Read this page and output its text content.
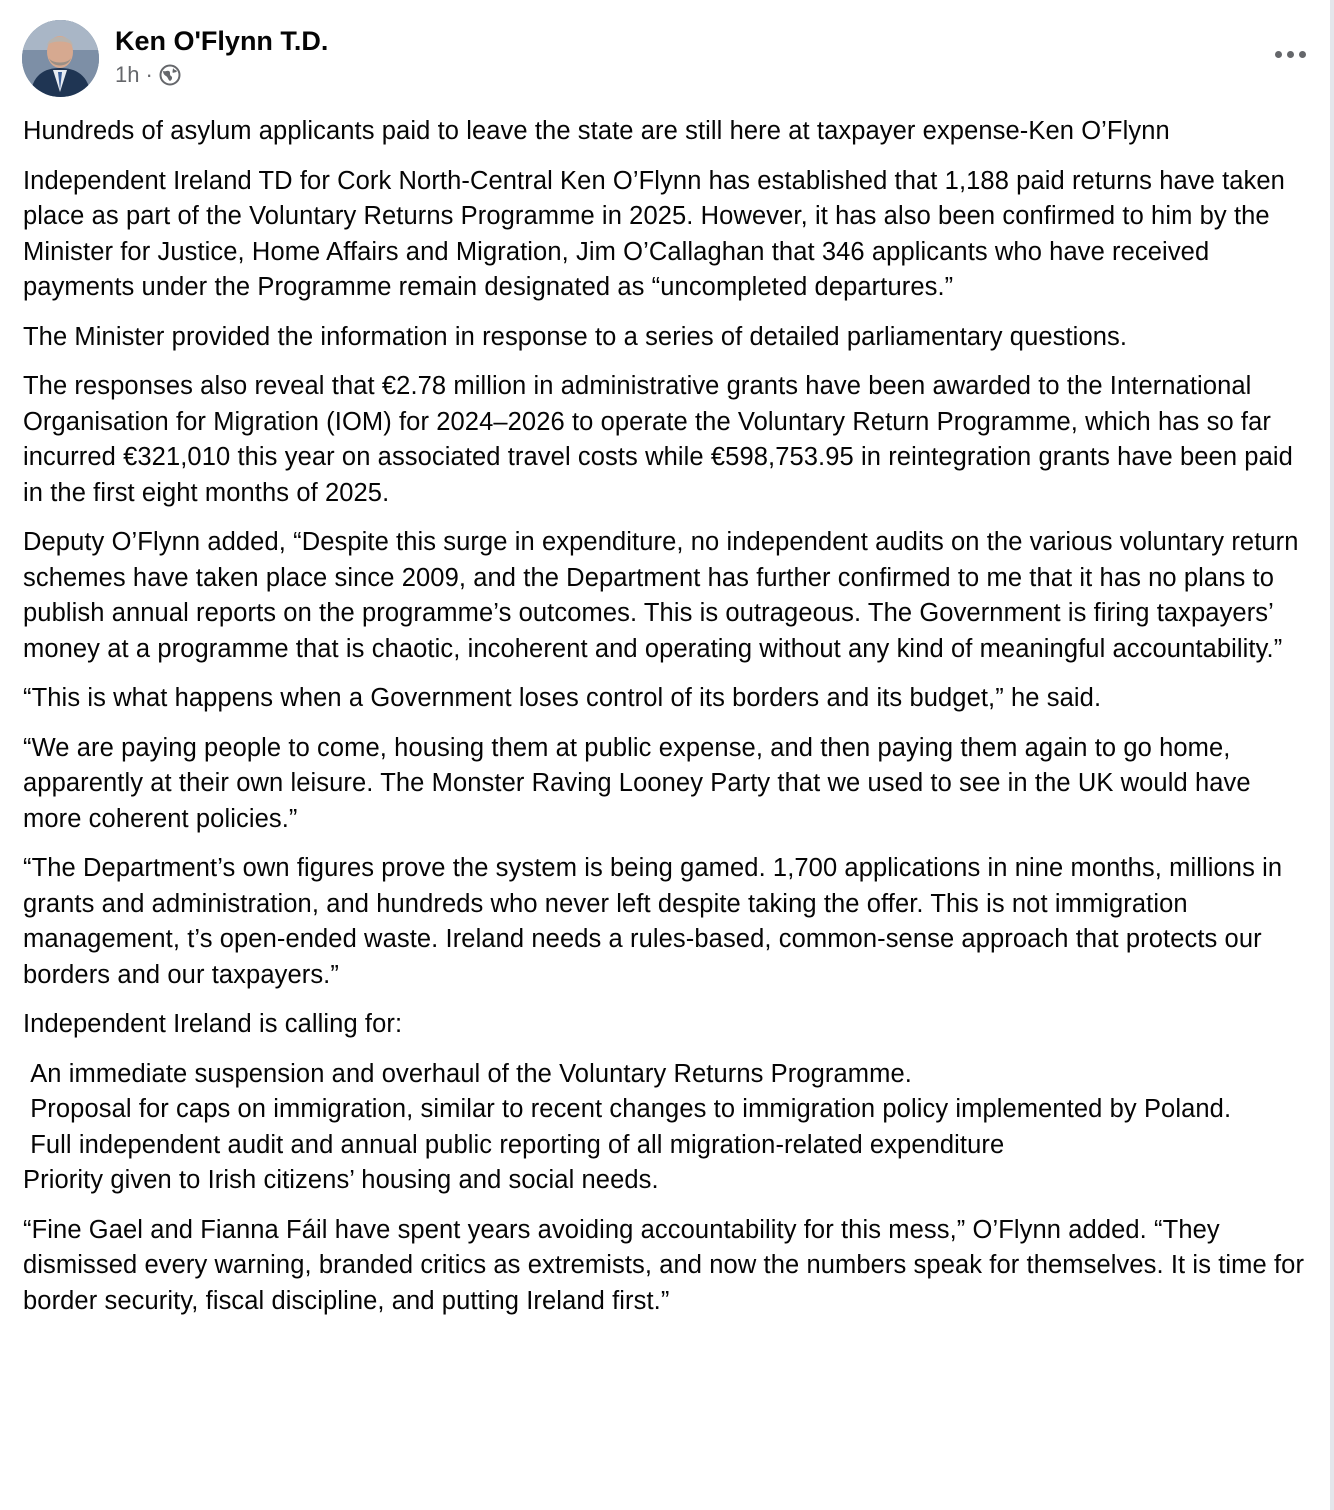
Ken O'Flynn T.D.
1h ·

Hundreds of asylum applicants paid to leave the state are still here at taxpayer expense-Ken O’Flynn

Independent Ireland TD for Cork North-Central Ken O’Flynn has established that 1,188 paid returns have taken place as part of the Voluntary Returns Programme in 2025. However, it has also been confirmed to him by the Minister for Justice, Home Affairs and Migration, Jim O’Callaghan that 346 applicants who have received payments under the Programme remain designated as “uncompleted departures.”

The Minister provided the information in response to a series of detailed parliamentary questions.

The responses also reveal that €2.78 million in administrative grants have been awarded to the International Organisation for Migration (IOM) for 2024–2026 to operate the Voluntary Return Programme, which has so far incurred €321,010 this year on associated travel costs while €598,753.95 in reintegration grants have been paid in the first eight months of 2025.

Deputy O’Flynn added, “Despite this surge in expenditure, no independent audits on the various voluntary return schemes have taken place since 2009, and the Department has further confirmed to me that it has no plans to publish annual reports on the programme’s outcomes. This is outrageous. The Government is firing taxpayers’ money at a programme that is chaotic, incoherent and operating without any kind of meaningful accountability.”

“This is what happens when a Government loses control of its borders and its budget,” he said.

“We are paying people to come, housing them at public expense, and then paying them again to go home, apparently at their own leisure. The Monster Raving Looney Party that we used to see in the UK would have more coherent policies.”

“The Department’s own figures prove the system is being gamed. 1,700 applications in nine months, millions in grants and administration, and hundreds who never left despite taking the offer. This is not immigration management, t’s open-ended waste. Ireland needs a rules-based, common-sense approach that protects our borders and our taxpayers.”

Independent Ireland is calling for:

An immediate suspension and overhaul of the Voluntary Returns Programme.

Proposal for caps on immigration, similar to recent changes to immigration policy implemented by Poland.

Full independent audit and annual public reporting of all migration-related expenditure

Priority given to Irish citizens’ housing and social needs.

“Fine Gael and Fianna Fáil have spent years avoiding accountability for this mess,” O’Flynn added. “They dismissed every warning, branded critics as extremists, and now the numbers speak for themselves. It is time for border security, fiscal discipline, and putting Ireland first.”
